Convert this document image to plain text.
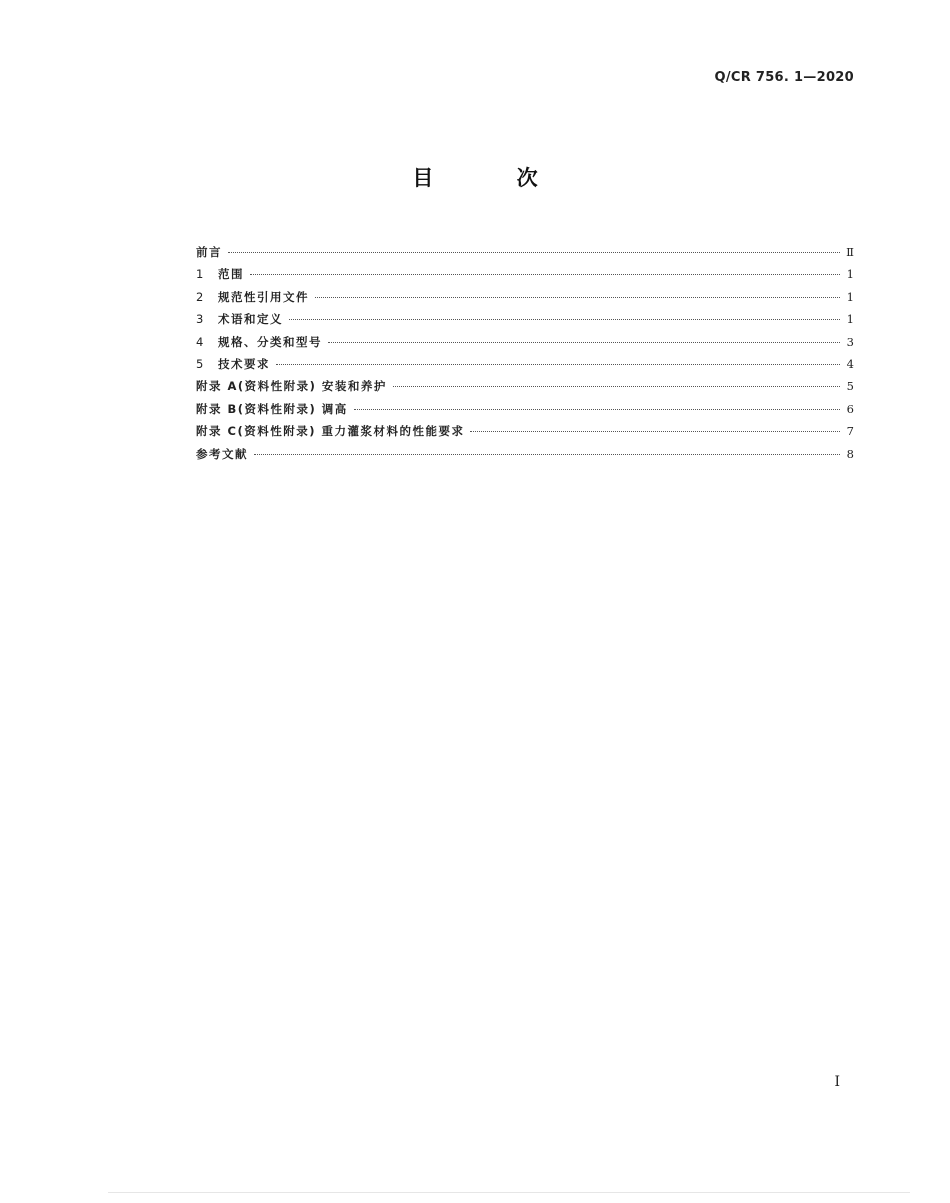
Q/CR 756. 1—2020
目 次
前言	Ⅱ
1	范围	1
2	规范性引用文件	1
3	术语和定义	1
4	规格、分类和型号	3
5	技术要求	4
附录 A(资料性附录) 安装和养护	5
附录 B(资料性附录) 调高	6
附录 C(资料性附录) 重力灌浆材料的性能要求	7
参考文献	8
I
